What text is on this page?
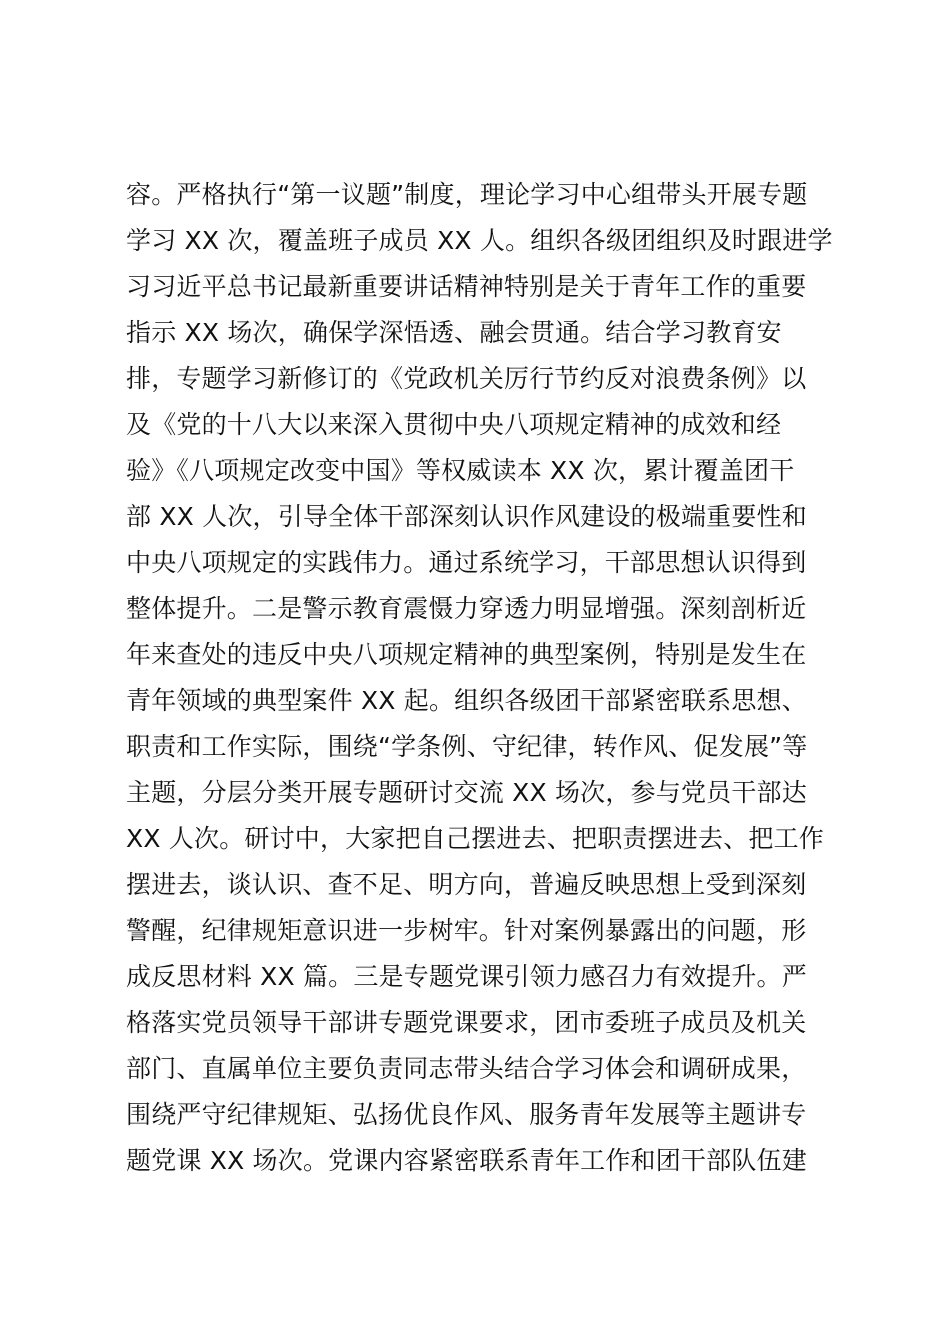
容。严格执行“第一议题”制度，理论学习中心组带头开展专题
学习 XX 次，覆盖班子成员 XX 人。组织各级团组织及时跟进学
习习近平总书记最新重要讲话精神特别是关于青年工作的重要
指示 XX 场次，确保学深悟透、融会贯通。结合学习教育安
排，专题学习新修订的《党政机关厉行节约反对浪费条例》以
及《党的十八大以来深入贯彻中央八项规定精神的成效和经
验》《八项规定改变中国》等权威读本 XX 次，累计覆盖团干
部 XX 人次，引导全体干部深刻认识作风建设的极端重要性和
中央八项规定的实践伟力。通过系统学习，干部思想认识得到
整体提升。二是警示教育震慑力穿透力明显增强。深刻剖析近
年来查处的违反中央八项规定精神的典型案例，特别是发生在
青年领域的典型案件 XX 起。组织各级团干部紧密联系思想、
职责和工作实际，围绕“学条例、守纪律，转作风、促发展”等
主题，分层分类开展专题研讨交流 XX 场次，参与党员干部达
XX 人次。研讨中，大家把自己摆进去、把职责摆进去、把工作
摆进去，谈认识、查不足、明方向，普遍反映思想上受到深刻
警醒，纪律规矩意识进一步树牢。针对案例暴露出的问题，形
成反思材料 XX 篇。三是专题党课引领力感召力有效提升。严
格落实党员领导干部讲专题党课要求，团市委班子成员及机关
部门、直属单位主要负责同志带头结合学习体会和调研成果，
围绕严守纪律规矩、弘扬优良作风、服务青年发展等主题讲专
题党课 XX 场次。党课内容紧密联系青年工作和团干部队伍建
